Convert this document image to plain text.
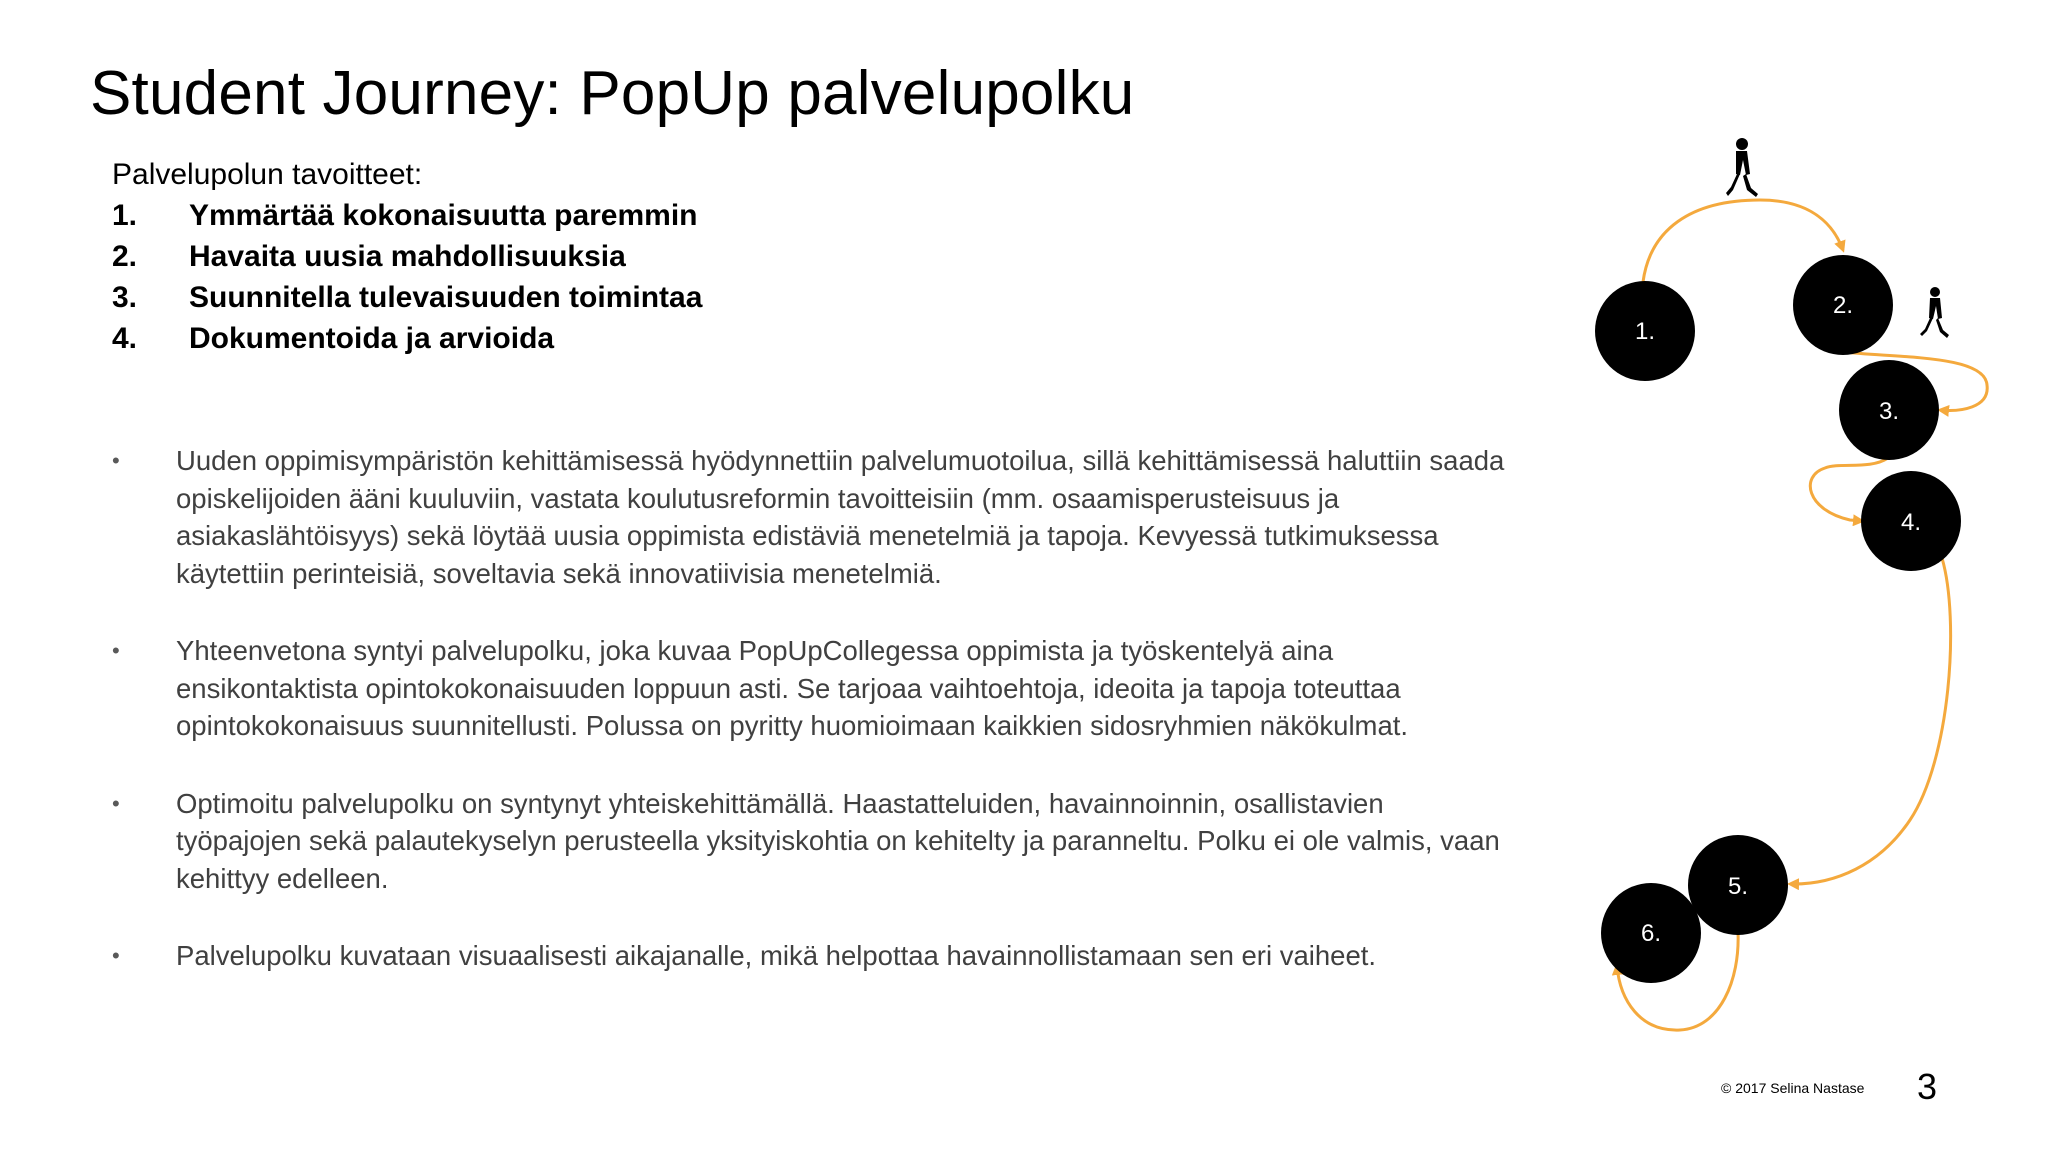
Student Journey: PopUp palvelupolku
Palvelupolun tavoitteet:
1.	Ymmärtää kokonaisuutta paremmin
2.	Havaita uusia mahdollisuuksia
3.	Suunnitella tulevaisuuden toimintaa
4.	Dokumentoida ja arvioida
•	Uuden oppimisympäristön kehittämisessä hyödynnettiin palvelumuotoilua, sillä kehittämisessä haluttiin saada opiskelijoiden ääni kuuluviin, vastata koulutusreformin tavoitteisiin (mm. osaamisperusteisuus ja asiakaslähtöisyys) sekä löytää uusia oppimista edistäviä menetelmiä ja tapoja. Kevyessä tutkimuksessa käytettiin perinteisiä, soveltavia sekä innovatiivisia menetelmiä.
•	Yhteenvetona syntyi palvelupolku, joka kuvaa PopUpCollegessa oppimista ja työskentelyä aina ensikontaktista opintokokonaisuuden loppuun asti. Se tarjoaa vaihtoehtoja, ideoita ja tapoja toteuttaa opintokokonaisuus suunnitellusti. Polussa on pyritty huomioimaan kaikkien sidosryhmien näkökulmat.
•	Optimoitu palvelupolku on syntynyt yhteiskehittämällä. Haastatteluiden, havainnoinnin, osallistavien työpajojen sekä palautekyselyn perusteella yksityiskohtia on kehitelty ja paranneltu. Polku ei ole valmis, vaan kehittyy edelleen.
•	Palvelupolku kuvataan visuaalisesti aikajanalle, mikä helpottaa havainnollistamaan sen eri vaiheet.
1.
2.
3.
4.
5.
6.
© 2017 Selina Nastase 3
